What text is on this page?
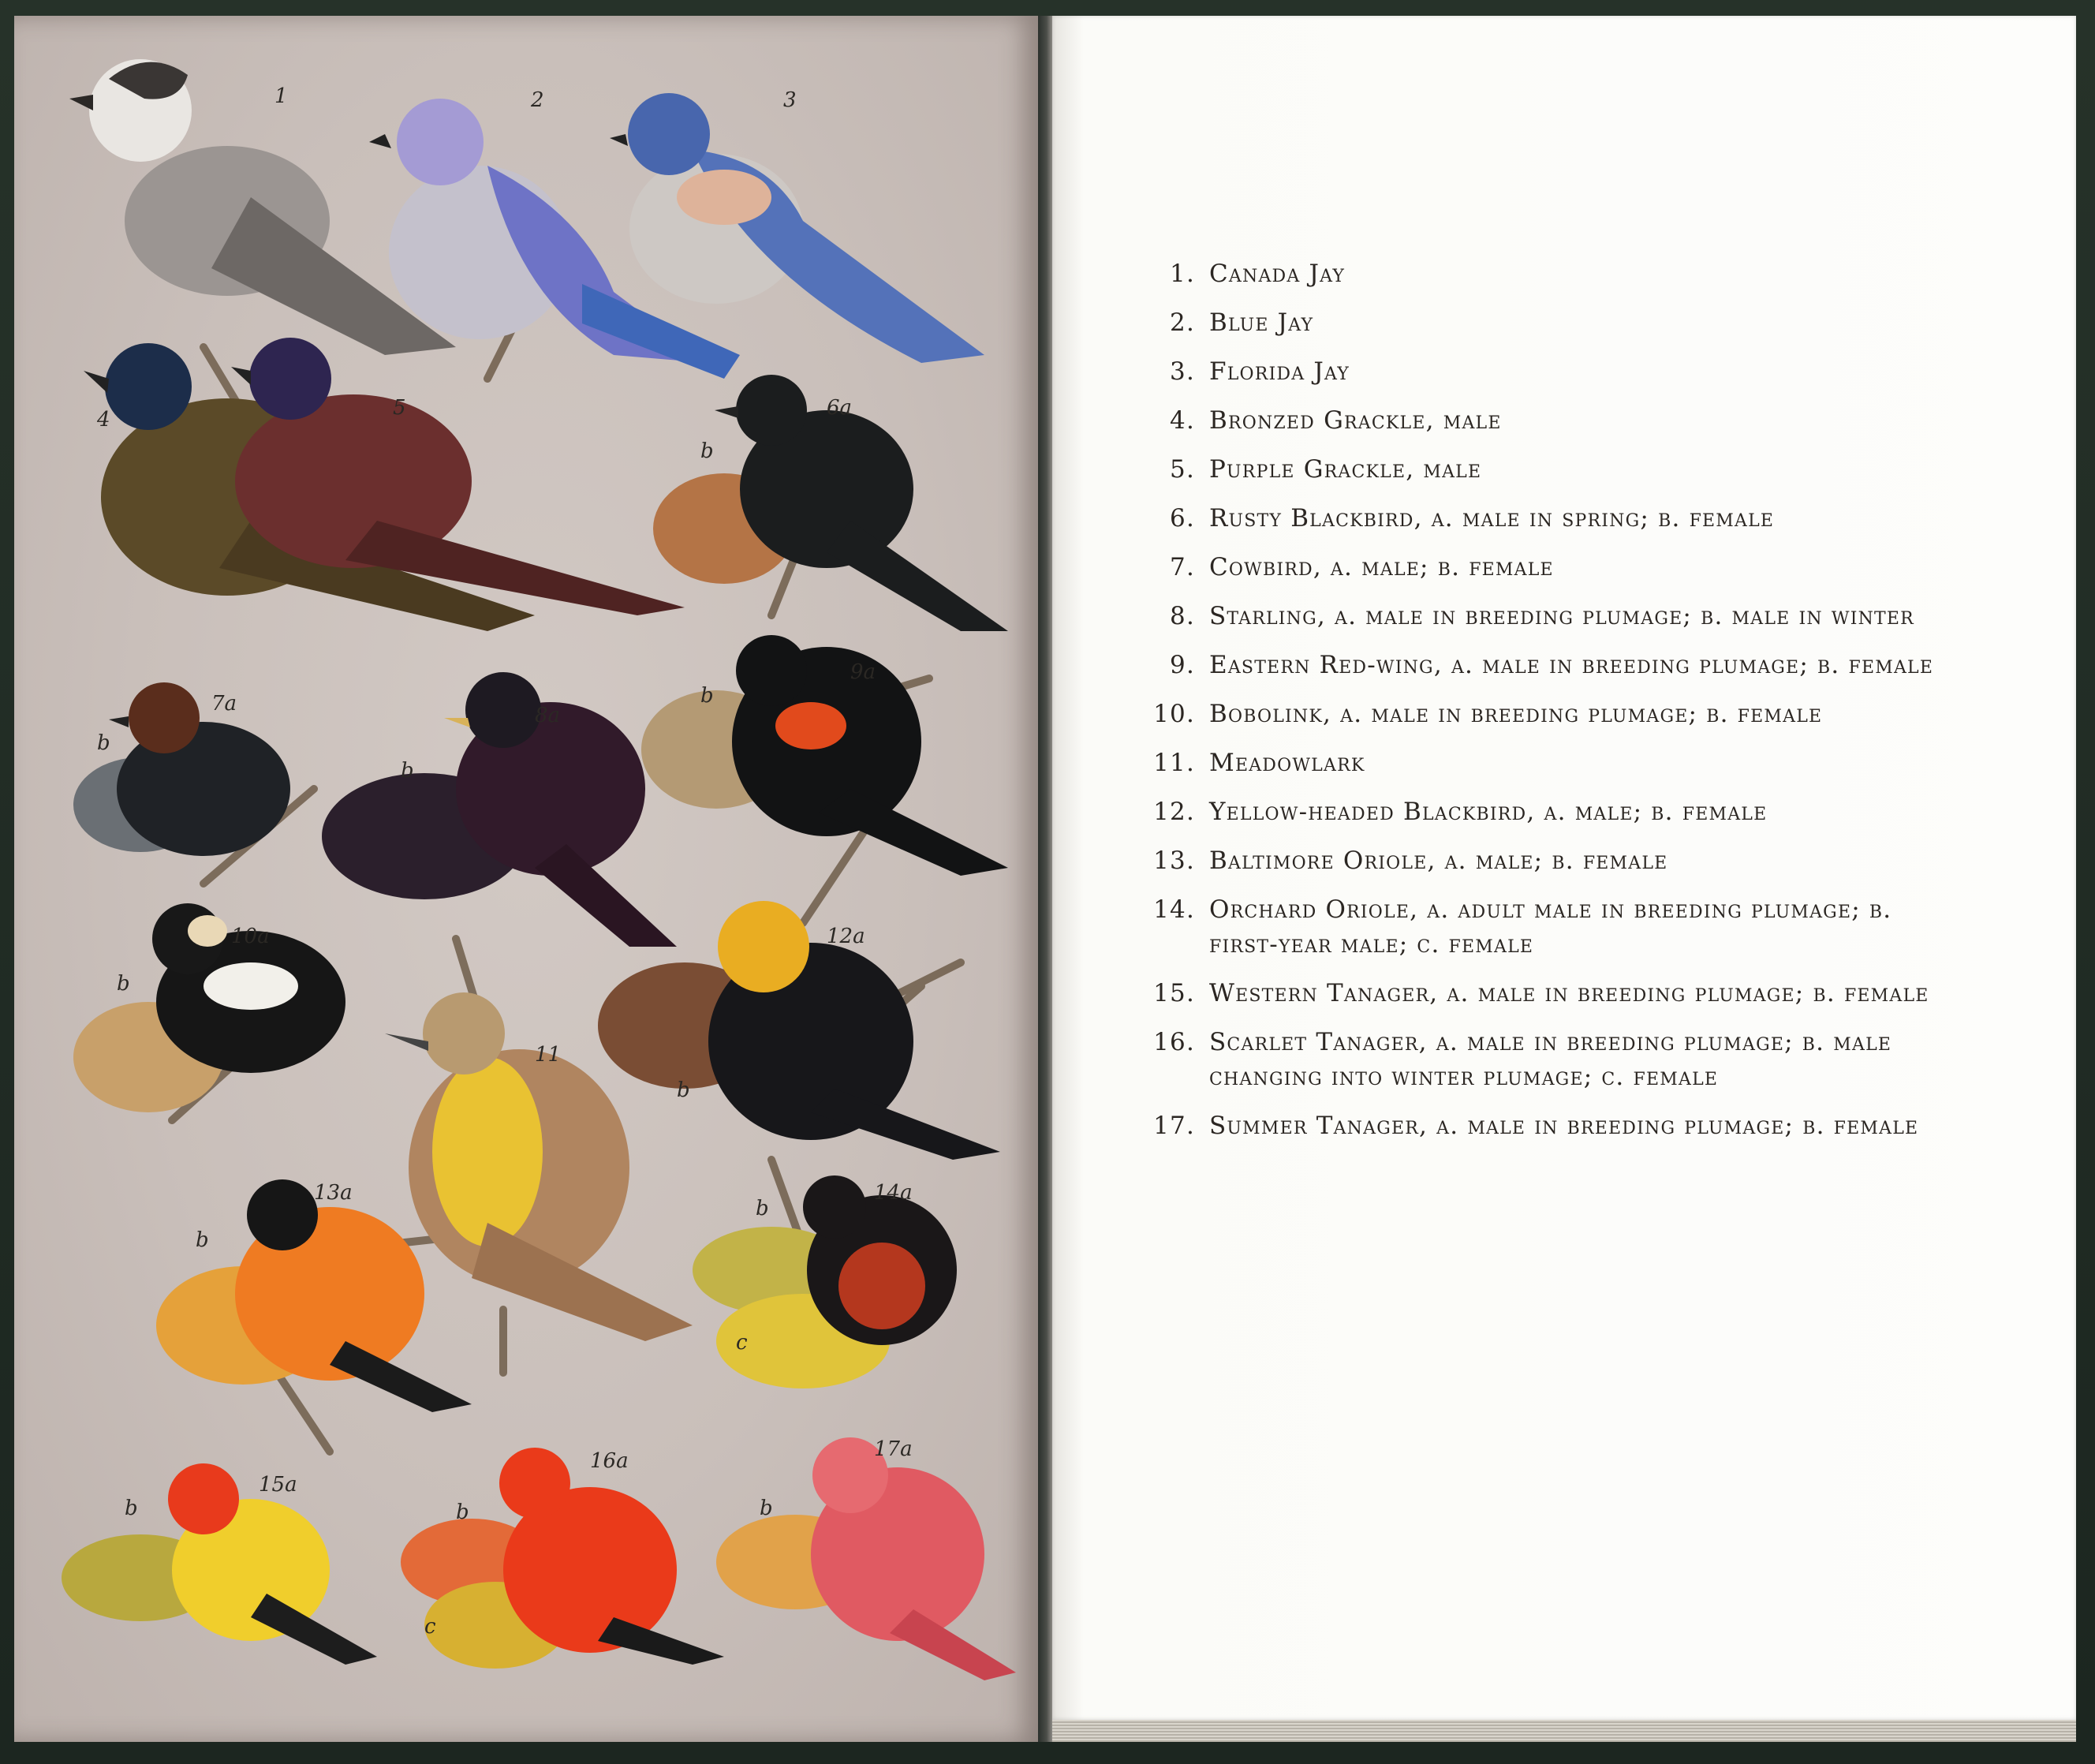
1	2	3
4	5	6a
b
7a
b
8a
b
9a
b
10a
b
11
12a
b
13a
b
14a
b
c
15a
b
16a
b
c
17a
b
1. Canada Jay
2. Blue Jay
3. Florida Jay
4. Bronzed Grackle, male
5. Purple Grackle, male
6. Rusty Blackbird, a. male in spring; b. female
7. Cowbird, a. male; b. female
8. Starling, a. male in breeding plumage; b. male in winter
9. Eastern Red-wing, a. male in breeding plumage; b. female
10. Bobolink, a. male in breeding plumage; b. female
11. Meadowlark
12. Yellow-headed Blackbird, a. male; b. female
13. Baltimore Oriole, a. male; b. female
14. Orchard Oriole, a. adult male in breeding plumage; b. first-year male; c. female
15. Western Tanager, a. male in breeding plumage; b. female
16. Scarlet Tanager, a. male in breeding plumage; b. male changing into winter plumage; c. female
17. Summer Tanager, a. male in breeding plumage; b. female
